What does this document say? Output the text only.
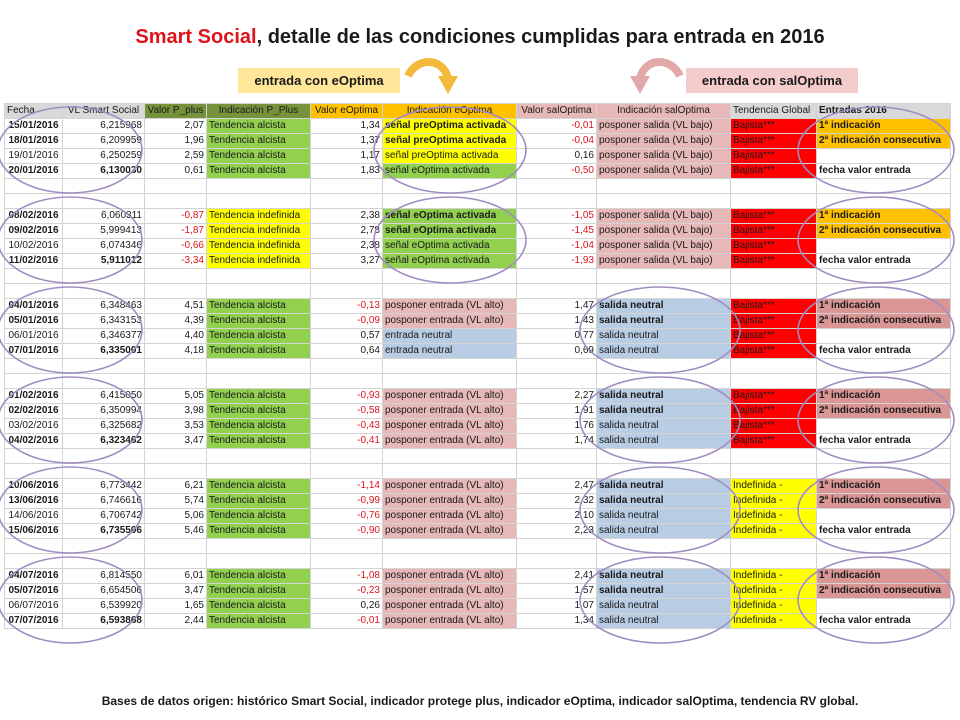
Smart Social, detalle de las condiciones cumplidas para entrada en 2016
entrada con eOptima	entrada con salOptima
Fecha	VL Smart Social	Valor P_plus	Indicación P_Plus	Valor eOptima	Indicación eOptima	Valor salOptima	Indicación salOptima	Tendencia Global	Entradas 2016
15/01/2016	6,215968	2,07	Tendencia alcista	1,34	señal preOptima activada	-0,01	posponer salida (VL bajo)	Bajista***	1ª indicación
18/01/2016	6,209959	1,96	Tendencia alcista	1,37	señal preOptima activada	-0,04	posponer salida (VL bajo)	Bajista***	2ª indicación consecutiva
19/01/2016	6,250259	2,59	Tendencia alcista	1,17	señal preOptima activada	0,16	posponer salida (VL bajo)	Bajista***	
20/01/2016	6,130030	0,61	Tendencia alcista	1,83	señal eOptima activada	-0,50	posponer salida (VL bajo)	Bajista***	fecha valor entrada

08/02/2016	6,060311	-0,87	Tendencia indefinida	2,38	señal eOptima activada	-1,05	posponer salida (VL bajo)	Bajista***	1ª indicación
09/02/2016	5,999413	-1,87	Tendencia indefinida	2,78	señal eOptima activada	-1,45	posponer salida (VL bajo)	Bajista***	2ª indicación consecutiva
10/02/2016	6,074346	-0,66	Tendencia indefinida	2,38	señal eOptima activada	-1,04	posponer salida (VL bajo)	Bajista***	
11/02/2016	5,911012	-3,34	Tendencia indefinida	3,27	señal eOptima activada	-1,93	posponer salida (VL bajo)	Bajista***	fecha valor entrada

04/01/2016	6,348463	4,51	Tendencia alcista	-0,13	posponer entrada (VL alto)	1,47	salida neutral	Bajista***	1ª indicación
05/01/2016	6,343153	4,39	Tendencia alcista	-0,09	posponer entrada (VL alto)	1,43	salida neutral	Bajista***	2ª indicación consecutiva
06/01/2016	6,346377	4,40	Tendencia alcista	0,57	entrada neutral	0,77	salida neutral	Bajista***	
07/01/2016	6,335001	4,18	Tendencia alcista	0,64	entrada neutral	0,69	salida neutral	Bajista***	fecha valor entrada

01/02/2016	6,415050	5,05	Tendencia alcista	-0,93	posponer entrada (VL alto)	2,27	salida neutral	Bajista***	1ª indicación
02/02/2016	6,350994	3,98	Tendencia alcista	-0,58	posponer entrada (VL alto)	1,91	salida neutral	Bajista***	2ª indicación consecutiva
03/02/2016	6,325682	3,53	Tendencia alcista	-0,43	posponer entrada (VL alto)	1,76	salida neutral	Bajista***	
04/02/2016	6,323462	3,47	Tendencia alcista	-0,41	posponer entrada (VL alto)	1,74	salida neutral	Bajista***	fecha valor entrada

10/06/2016	6,773442	6,21	Tendencia alcista	-1,14	posponer entrada (VL alto)	2,47	salida neutral	Indefinida -	1ª indicación
13/06/2016	6,746616	5,74	Tendencia alcista	-0,99	posponer entrada (VL alto)	2,32	salida neutral	Indefinida -	2ª indicación consecutiva
14/06/2016	6,706742	5,06	Tendencia alcista	-0,76	posponer entrada (VL alto)	2,10	salida neutral	Indefinida -	
15/06/2016	6,735506	5,46	Tendencia alcista	-0,90	posponer entrada (VL alto)	2,23	salida neutral	Indefinida -	fecha valor entrada

04/07/2016	6,814550	6,01	Tendencia alcista	-1,08	posponer entrada (VL alto)	2,41	salida neutral	Indefinida -	1ª indicación
05/07/2016	6,654506	3,47	Tendencia alcista	-0,23	posponer entrada (VL alto)	1,57	salida neutral	Indefinida -	2ª indicación consecutiva
06/07/2016	6,539920	1,65	Tendencia alcista	0,26	posponer entrada (VL alto)	1,07	salida neutral	Indefinida -	
07/07/2016	6,593868	2,44	Tendencia alcista	-0,01	posponer entrada (VL alto)	1,34	salida neutral	Indefinida -	fecha valor entrada
Bases de datos origen: histórico Smart Social, indicador protege plus, indicador eOptima, indicador salOptima, tendencia RV global.
